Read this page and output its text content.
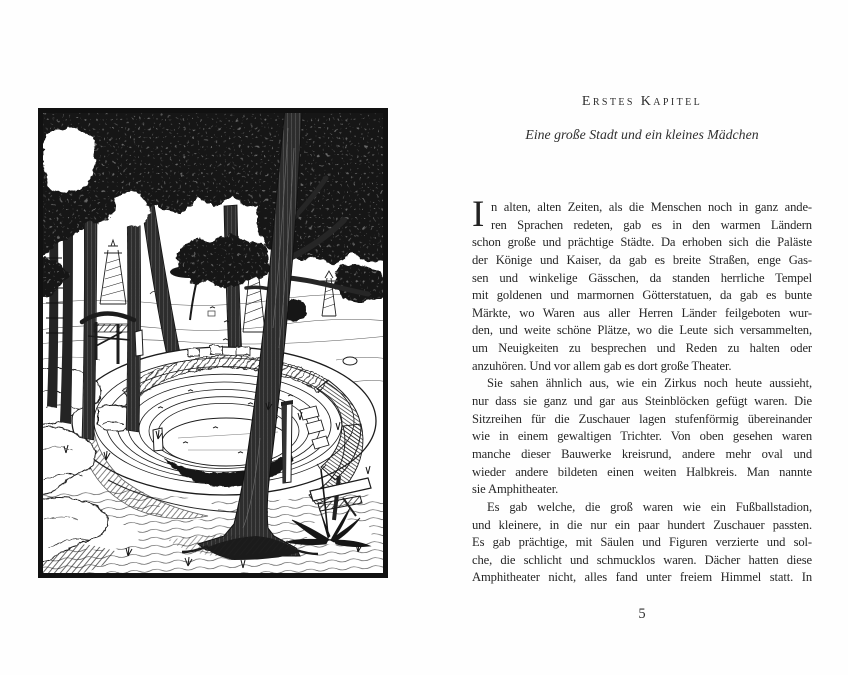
Erstes Kapitel
Eine große Stadt und ein kleines Mädchen
I n alten, alten Zeiten, als die Menschen noch in ganz ande-
ren Sprachen redeten, gab es in den warmen Ländern
schon große und prächtige Städte. Da erhoben sich die Paläste
der Könige und Kaiser, da gab es breite Straßen, enge Gas-
sen und winkelige Gässchen, da standen herrliche Tempel
mit goldenen und marmornen Götterstatuen, da gab es bunte
Märkte, wo Waren aus aller Herren Länder feilgeboten wur-
den, und weite schöne Plätze, wo die Leute sich versammelten,
um Neuigkeiten zu besprechen und Reden zu halten oder
anzuhören. Und vor allem gab es dort große Theater.
Sie sahen ähnlich aus, wie ein Zirkus noch heute aussieht,
nur dass sie ganz und gar aus Steinblöcken gefügt waren. Die
Sitzreihen für die Zuschauer lagen stufenförmig übereinander
wie in einem gewaltigen Trichter. Von oben gesehen waren
manche dieser Bauwerke kreisrund, andere mehr oval und
wieder andere bildeten einen weiten Halbkreis. Man nannte
sie Amphitheater.
Es gab welche, die groß waren wie ein Fußballstadion,
und kleinere, in die nur ein paar hundert Zuschauer passten.
Es gab prächtige, mit Säulen und Figuren verzierte und sol-
che, die schlicht und schmucklos waren. Dächer hatten diese
Amphitheater nicht, alles fand unter freiem Himmel statt. In
5
